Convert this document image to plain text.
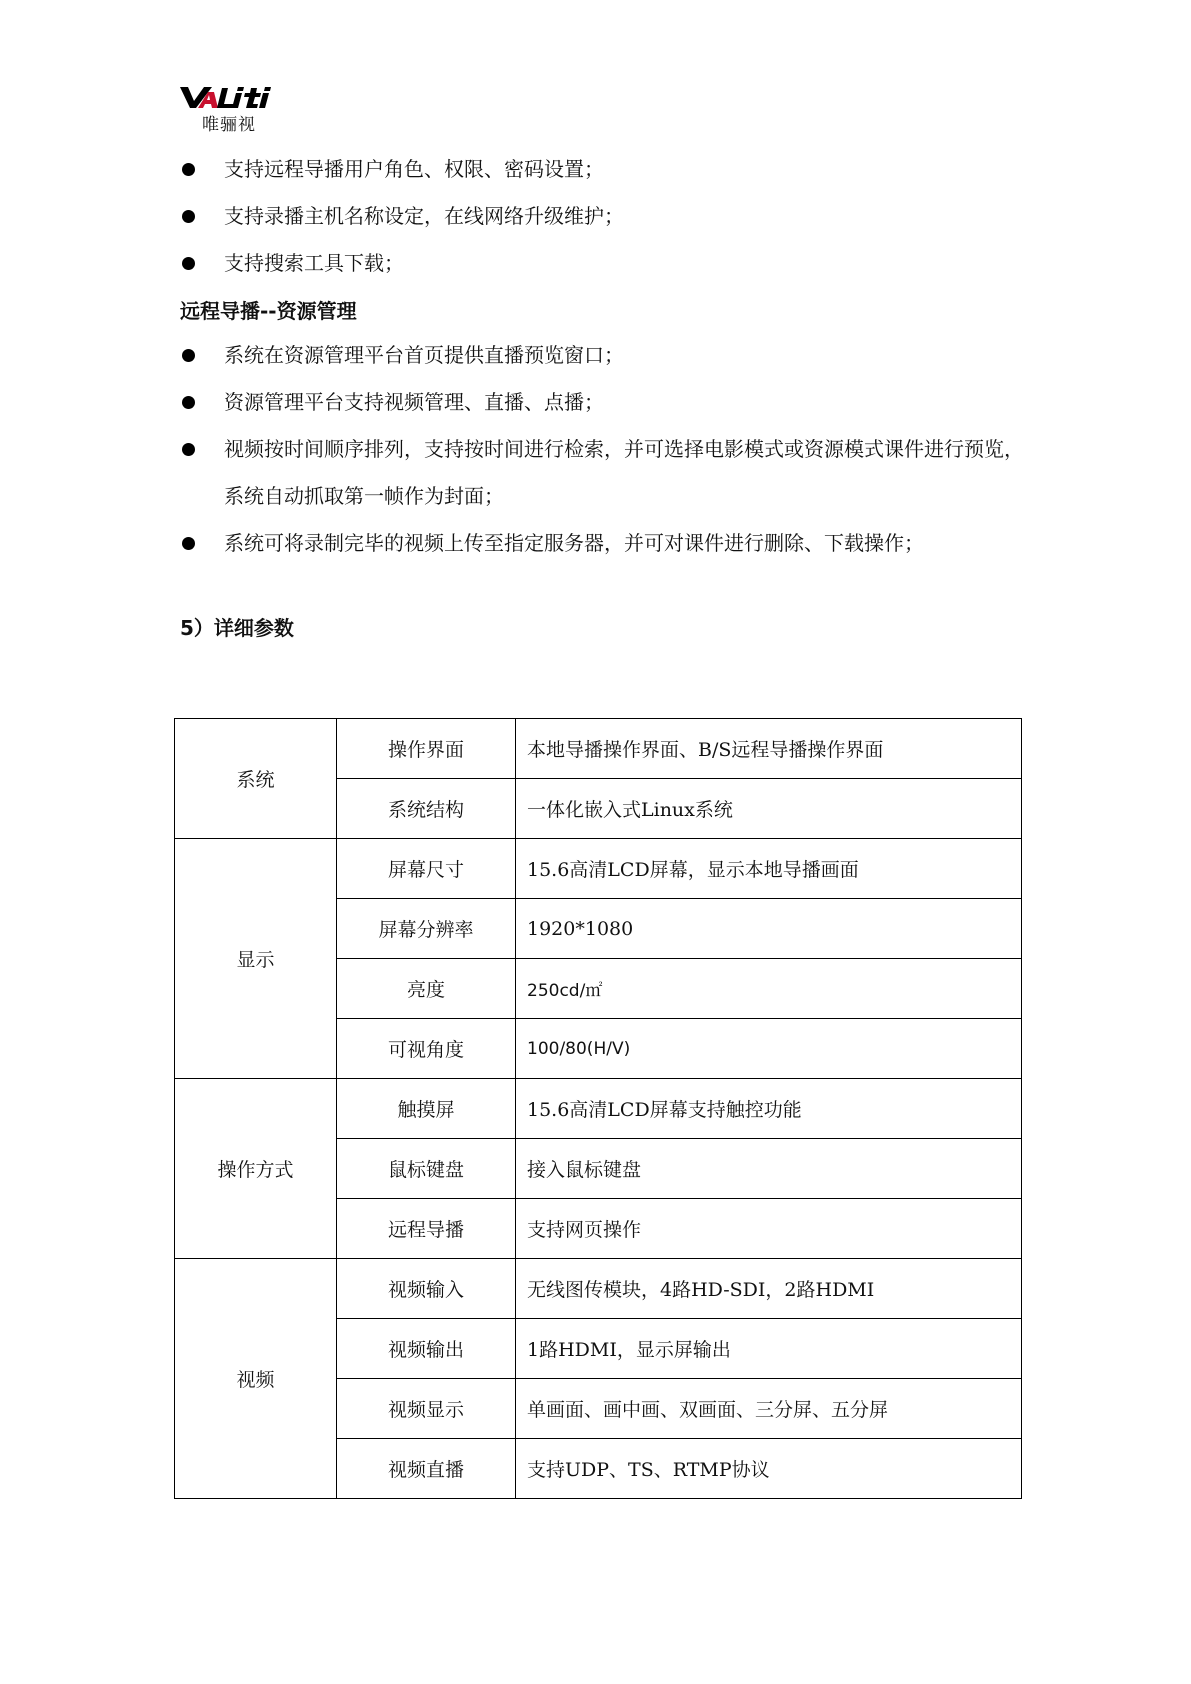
唯骊视
支持远程导播用户角色、权限、密码设置；
支持录播主机名称设定，在线网络升级维护；
支持搜索工具下载；
远程导播--资源管理
系统在资源管理平台首页提供直播预览窗口；
资源管理平台支持视频管理、直播、点播；
视频按时间顺序排列，支持按时间进行检索，并可选择电影模式或资源模式课件进行预览，系统自动抓取第一帧作为封面；
系统可将录制完毕的视频上传至指定服务器，并可对课件进行删除、下载操作；
5）详细参数
系统	操作界面	本地导播操作界面、B/S远程导播操作界面
	系统结构	一体化嵌入式Linux系统
显示	屏幕尺寸	15.6高清LCD屏幕，显示本地导播画面
	屏幕分辨率	1920*1080
	亮度	250cd/㎡
	可视角度	100/80(H/V)
操作方式	触摸屏	15.6高清LCD屏幕支持触控功能
	鼠标键盘	接入鼠标键盘
	远程导播	支持网页操作
视频	视频输入	无线图传模块，4路HD-SDI，2路HDMI
	视频输出	1路HDMI，显示屏输出
	视频显示	单画面、画中画、双画面、三分屏、五分屏
	视频直播	支持UDP、TS、RTMP协议
